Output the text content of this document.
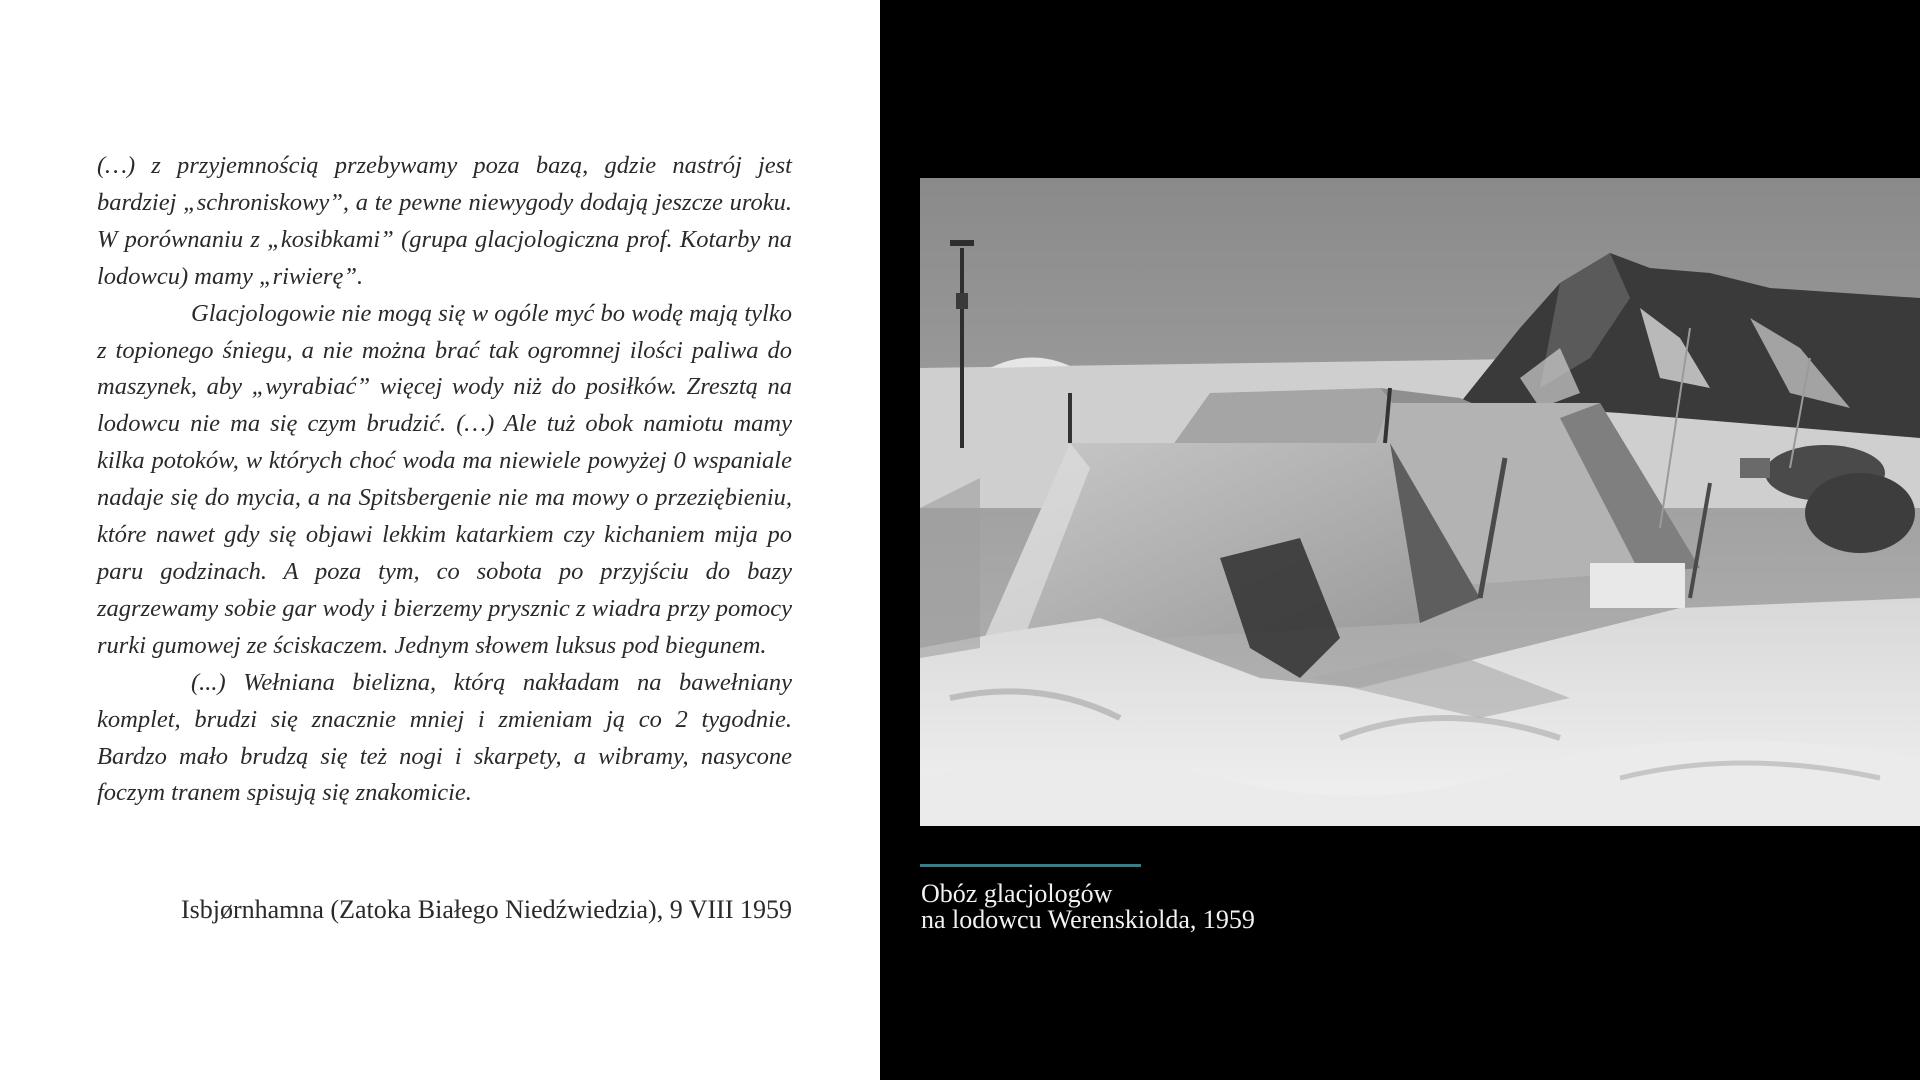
(…) z przyjemnością przebywamy poza bazą, gdzie nastrój jest bardziej „schroniskowy”, a te pewne niewygody dodają jeszcze uroku. W porównaniu z „kosibkami” (grupa glacjologiczna prof. Kotarby na lodowcu) mamy „riwierę”.

Glacjologowie nie mogą się w ogóle myć bo wodę mają tylko z topionego śniegu, a nie można brać tak ogromnej ilości paliwa do maszynek, aby „wyrabiać” więcej wody niż do posiłków. Zresztą na lodowcu nie ma się czym brudzić. (…) Ale tuż obok namiotu mamy kilka potoków, w których choć woda ma niewiele powyżej 0 wspaniale nadaje się do mycia, a na Spitsbergenie nie ma mowy o przeziębieniu, które nawet gdy się objawi lekkim katarkiem czy kichaniem mija po paru godzinach. A poza tym, co sobota po przyjściu do bazy zagrzewamy sobie gar wody i bierzemy prysznic z wiadra przy pomocy rurki gumowej ze ściskaczem. Jednym słowem luksus pod biegunem.

(...) Wełniana bielizna, którą nakładam na bawełniany komplet, brudzi się znacznie mniej i zmieniam ją co 2 tygodnie. Bardzo mało brudzą się też nogi i skarpety, a wibramy, nasycone foczym tranem spisują się znakomicie.

Isbjørnhamna (Zatoka Białego Niedźwiedzia), 9 VIII 1959
Obóz glacjologów
na lodowcu Werenskiolda, 1959
